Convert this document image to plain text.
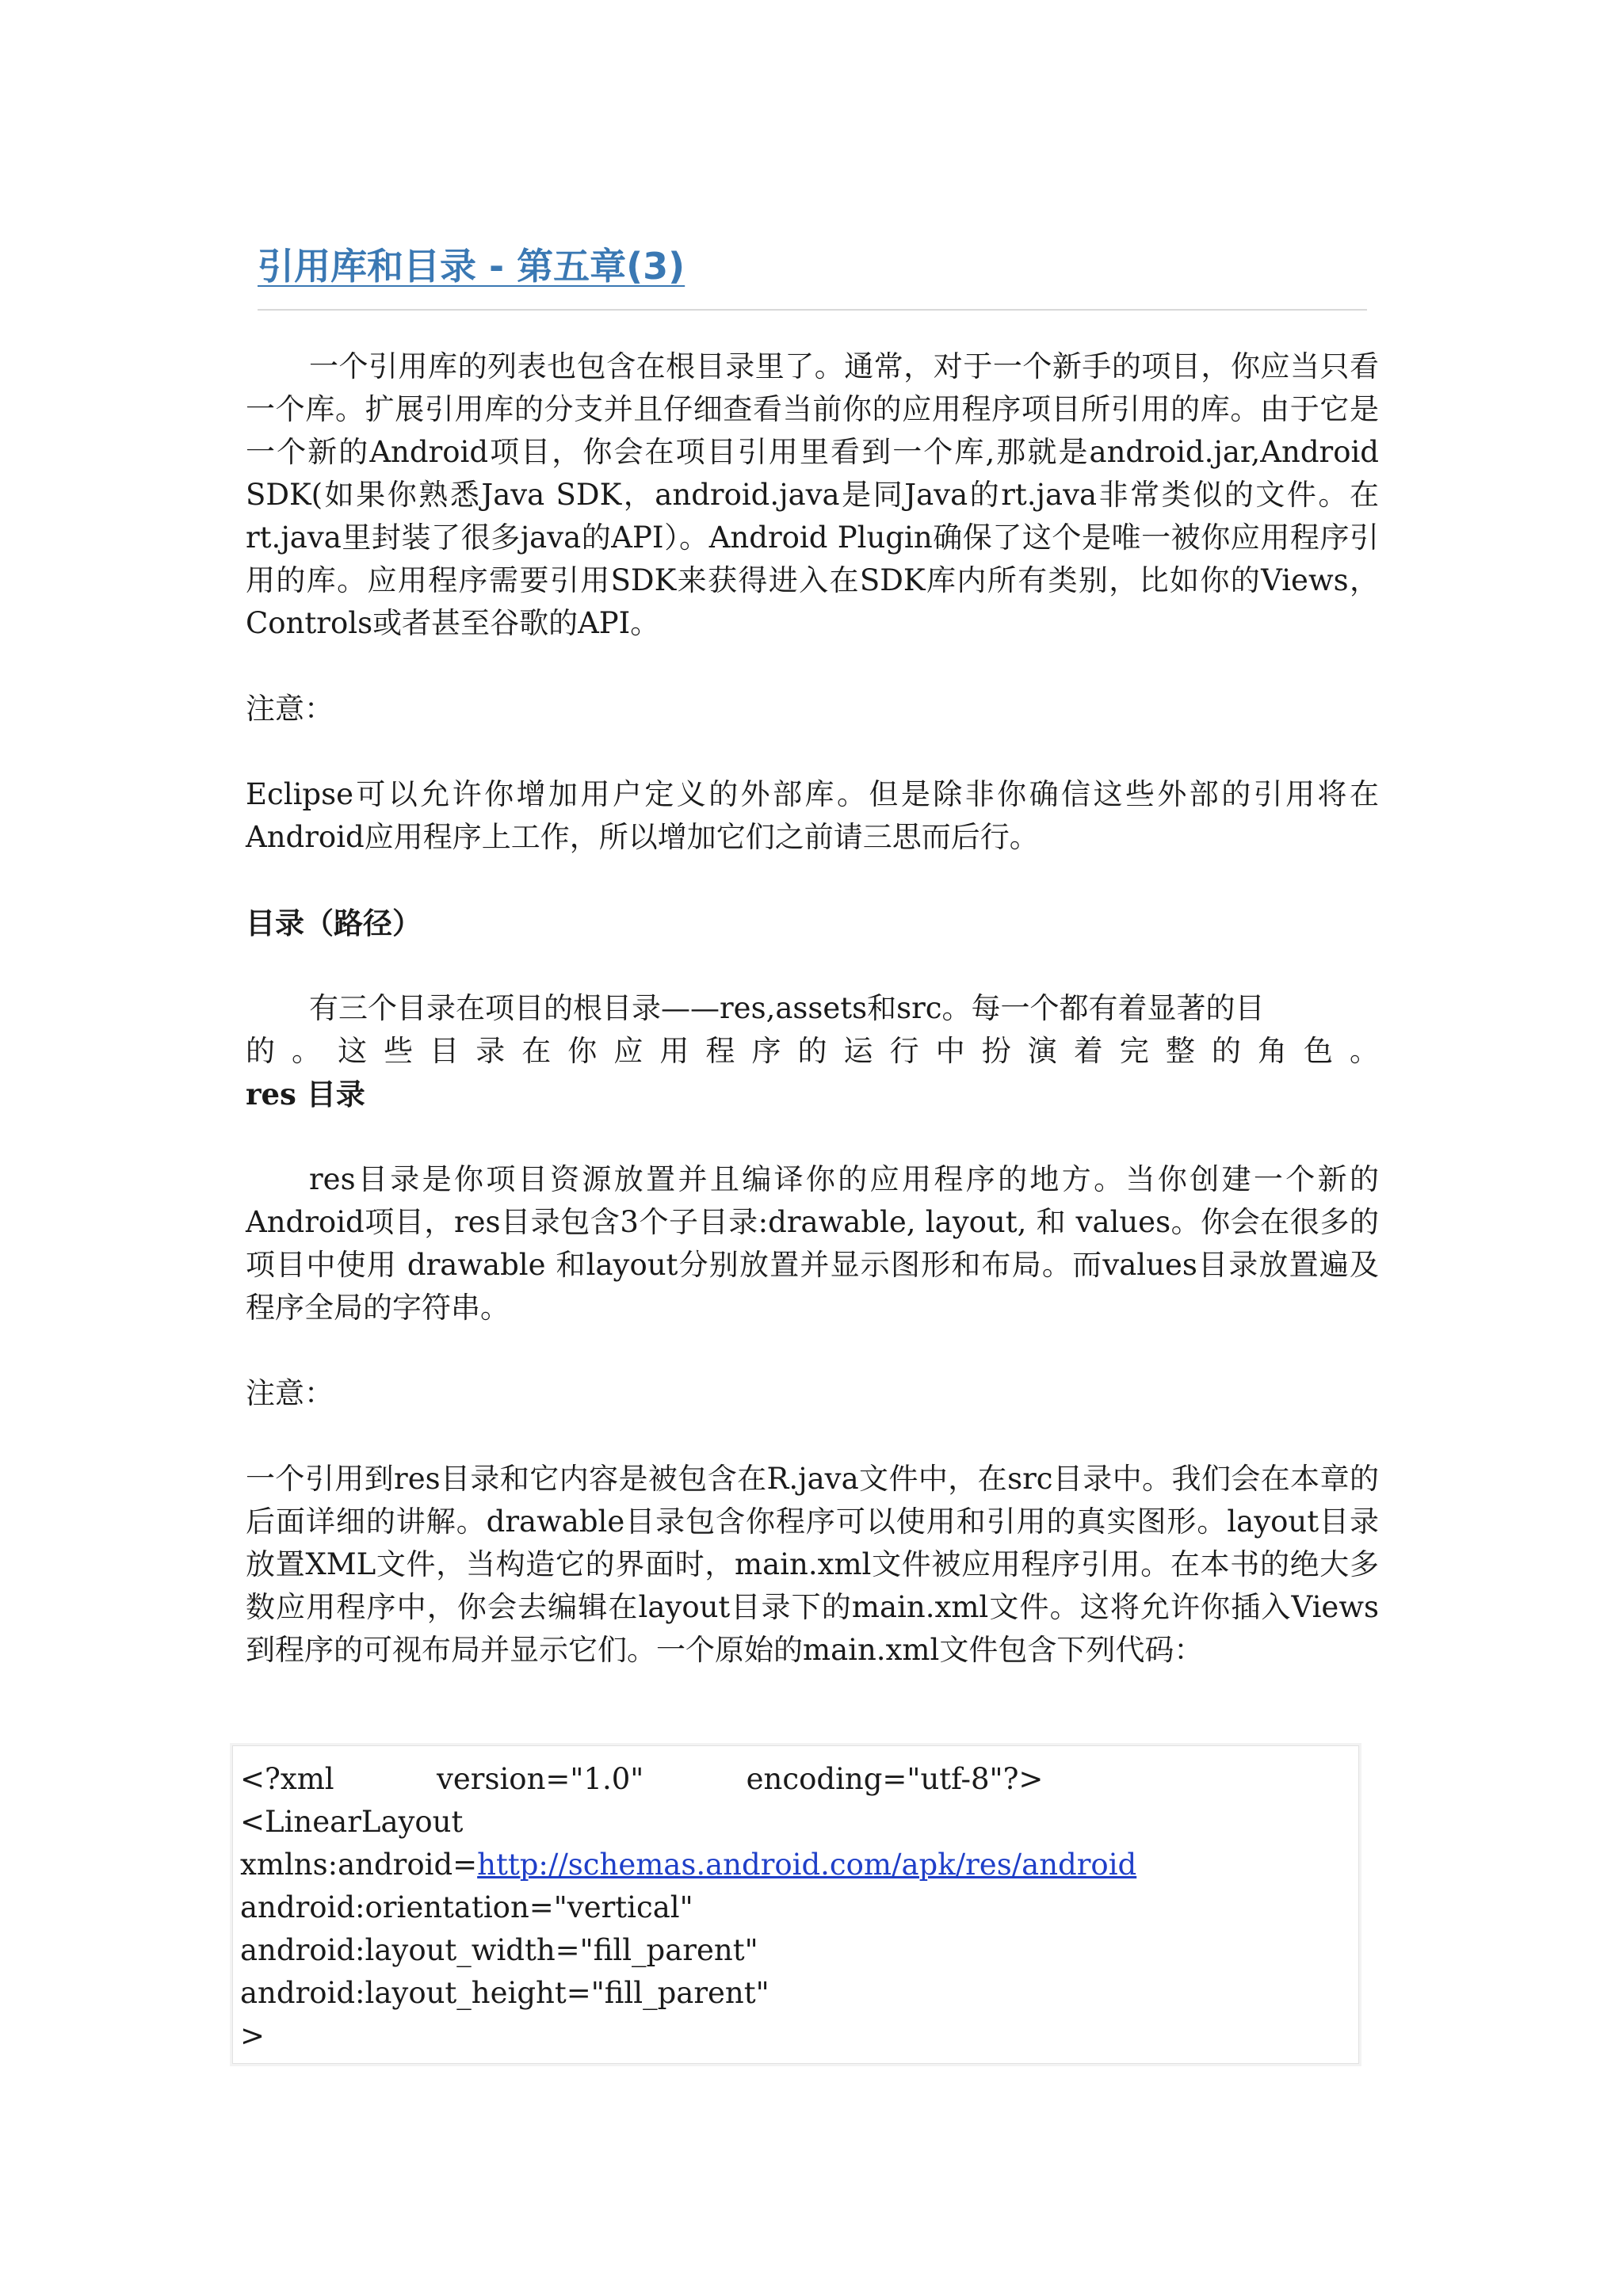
引用库和目录 - 第五章(3)

一个引用库的列表也包含在根目录里了。通常，对于一个新手的项目，你应当只看一个库。扩展引用库的分支并且仔细查看当前你的应用程序项目所引用的库。由于它是一个新的Android项目，你会在项目引用里看到一个库,那就是android.jar,Android SDK(如果你熟悉Java SDK，android.java是同Java的rt.java非常类似的文件。在rt.java里封装了很多java的API）。Android Plugin确保了这个是唯一被你应用程序引用的库。应用程序需要引用SDK来获得进入在SDK库内所有类别，比如你的Views，Controls或者甚至谷歌的API。

注意：

Eclipse可以允许你增加用户定义的外部库。但是除非你确信这些外部的引用将在Android应用程序上工作，所以增加它们之前请三思而后行。

目录（路径）

有三个目录在项目的根目录——res,assets和src。每一个都有着显著的目

的。这些目录在你应用程序的运行中扮演着完整的角色。

res 目录

res目录是你项目资源放置并且编译你的应用程序的地方。当你创建一个新的Android项目，res目录包含3个子目录:drawable, layout, 和 values。你会在很多的项目中使用 drawable 和layout分别放置并显示图形和布局。而values目录放置遍及程序全局的字符串。

注意：

一个引用到res目录和它内容是被包含在R.java文件中，在src目录中。我们会在本章的后面详细的讲解。drawable目录包含你程序可以使用和引用的真实图形。layout目录放置XML文件，当构造它的界面时，main.xml文件被应用程序引用。在本书的绝大多数应用程序中，你会去编辑在layout目录下的main.xml文件。这将允许你插入Views到程序的可视布局并显示它们。一个原始的main.xml文件包含下列代码：

<?xml           version="1.0"           encoding="utf-8"?>
<LinearLayout
xmlns:android=http://schemas.android.com/apk/res/android
android:orientation="vertical"
android:layout_width="fill_parent"
android:layout_height="fill_parent"
>
